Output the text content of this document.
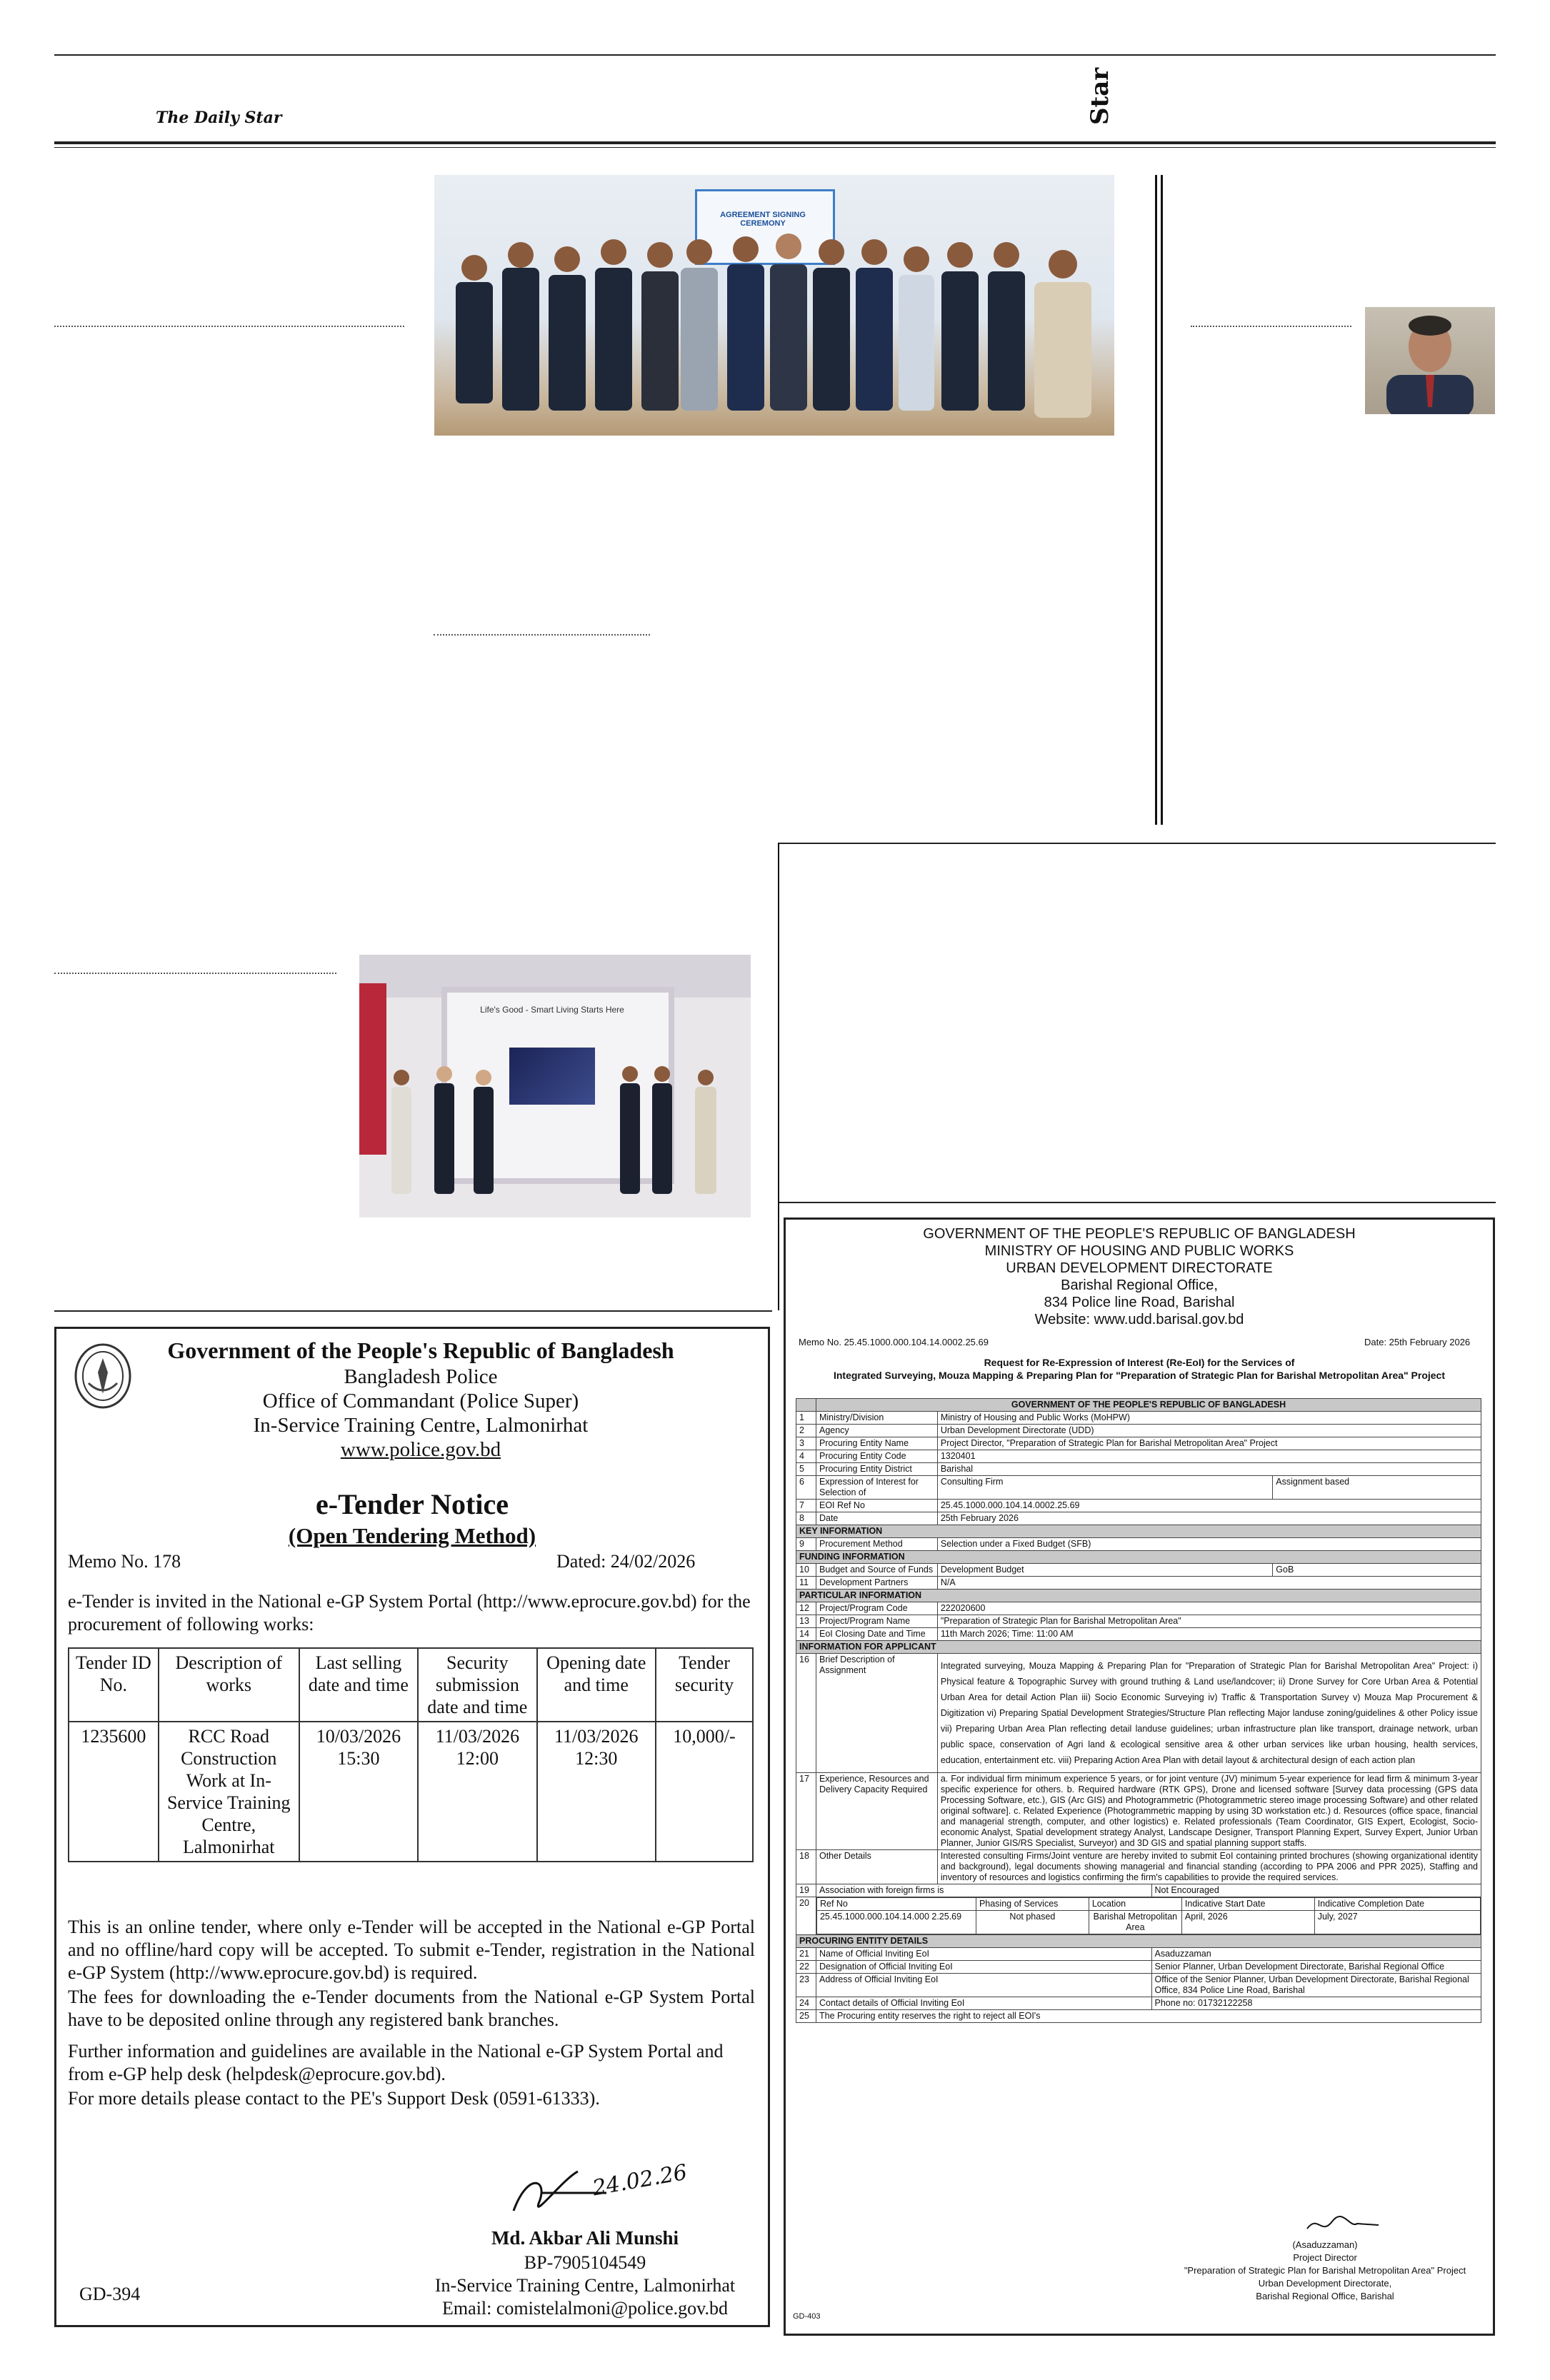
The Daily Star	Star
AGREEMENT SIGNING CEREMONY
Life's Good - Smart Living Starts Here
Government of the People's Republic of Bangladesh
Bangladesh Police
Office of Commandant (Police Super)
In-Service Training Centre, Lalmonirhat
www.police.gov.bd
e-Tender Notice
(Open Tendering Method)
Memo No. 178	Dated: 24/02/2026
e-Tender is invited in the National e-GP System Portal (http://www.eprocure.gov.bd) for the procurement of following works:
Tender ID No.	Description of works	Last selling date and time	Security submission date and time	Opening date and time	Tender security
1235600	RCC Road Construction Work at In-Service Training Centre, Lalmonirhat	10/03/2026 15:30	11/03/2026 12:00	11/03/2026 12:30	10,000/-
This is an online tender, where only e-Tender will be accepted in the National e-GP Portal and no offline/hard copy will be accepted. To submit e-Tender, registration in the National e-GP System (http://www.eprocure.gov.bd) is required.
The fees for downloading the e-Tender documents from the National e-GP System Portal have to be deposited online through any registered bank branches.
Further information and guidelines are available in the National e-GP System Portal and from e-GP help desk (helpdesk@eprocure.gov.bd).
For more details please contact to the PE's Support Desk (0591-61333).
24.02.26
Md. Akbar Ali Munshi
BP-7905104549
In-Service Training Centre, Lalmonirhat
Email: comistelalmoni@police.gov.bd
GD-394
GOVERNMENT OF THE PEOPLE'S REPUBLIC OF BANGLADESH
MINISTRY OF HOUSING AND PUBLIC WORKS
URBAN DEVELOPMENT DIRECTORATE
Barishal Regional Office,
834 Police line Road, Barishal
Website: www.udd.barisal.gov.bd
Memo No. 25.45.1000.000.104.14.0002.25.69	Date: 25th February 2026
Request for Re-Expression of Interest (Re-EoI) for the Services of
Integrated Surveying, Mouza Mapping & Preparing Plan for "Preparation of Strategic Plan for Barishal Metropolitan Area" Project
	GOVERNMENT OF THE PEOPLE'S REPUBLIC OF BANGLADESH
1	Ministry/Division	Ministry of Housing and Public Works (MoHPW)
2	Agency	Urban Development Directorate (UDD)
3	Procuring Entity Name	Project Director, "Preparation of Strategic Plan for Barishal Metropolitan Area" Project
4	Procuring Entity Code	1320401
5	Procuring Entity District	Barishal
6	Expression of Interest for Selection of	Consulting Firm	Assignment based
7	EOI Ref No	25.45.1000.000.104.14.0002.25.69
8	Date	25th February 2026
KEY INFORMATION
9	Procurement Method	Selection under a Fixed Budget (SFB)
FUNDING INFORMATION
10	Budget and Source of Funds	Development Budget	GoB
11	Development Partners	N/A
PARTICULAR INFORMATION
12	Project/Program Code	222020600
13	Project/Program Name	"Preparation of Strategic Plan for Barishal Metropolitan Area"
14	EoI Closing Date and Time	11th March 2026; Time: 11:00 AM
INFORMATION FOR APPLICANT
16	Brief Description of Assignment	Integrated surveying, Mouza Mapping & Preparing Plan for "Preparation of Strategic Plan for Barishal Metropolitan Area" Project: i) Physical feature & Topographic Survey with ground truthing & Land use/landcover; ii) Drone Survey for Core Urban Area & Potential Urban Area for detail Action Plan iii) Socio Economic Surveying iv) Traffic & Transportation Survey v) Mouza Map Procurement & Digitization vi) Preparing Spatial Development Strategies/Structure Plan reflecting Major landuse zoning/guidelines & other Policy issue vii) Preparing Urban Area Plan reflecting detail landuse guidelines; urban infrastructure plan like transport, drainage network, urban public space, conservation of Agri land & ecological sensitive area & other urban services like urban housing, health services, education, entertainment etc. viii) Preparing Action Area Plan with detail layout & architectural design of each action plan
17	Experience, Resources and Delivery Capacity Required	a. For individual firm minimum experience 5 years, or for joint venture (JV) minimum 5-year experience for lead firm & minimum 3-year specific experience for others. b. Required hardware (RTK GPS), Drone and licensed software [Survey data processing (GPS data Processing Software, etc.), GIS (Arc GIS) and Photogrammetric (Photogrammetric stereo image processing Software) and other related original software]. c. Related Experience (Photogrammetric mapping by using 3D workstation etc.) d. Resources (office space, financial and managerial strength, computer, and other logistics) e. Related professionals (Team Coordinator, GIS Expert, Ecologist, Socio-economic Analyst, Spatial development strategy Analyst, Landscape Designer, Transport Planning Expert, Survey Expert, Junior Urban Planner, Junior GIS/RS Specialist, Surveyor) and 3D GIS and spatial planning support staffs.
18	Other Details	Interested consulting Firms/Joint venture are hereby invited to submit EoI containing printed brochures (showing organizational identity and background), legal documents showing managerial and financial standing (according to PPA 2006 and PPR 2025), Staffing and inventory of resources and logistics confirming the firm's capabilities to provide the required services.
19	Association with foreign firms is	Not Encouraged
20	Ref No	Phasing of Services	Location	Indicative Start Date	Indicative Completion Date
25.45.1000.000.104.14.000 2.25.69	Not phased	Barishal Metropolitan Area	April, 2026	July, 2027

PROCURING ENTITY DETAILS
21	Name of Official Inviting EoI	Asaduzzaman
22	Designation of Official Inviting EoI	Senior Planner, Urban Development Directorate, Barishal Regional Office
23	Address of Official Inviting EoI	Office of the Senior Planner, Urban Development Directorate, Barishal Regional Office, 834 Police Line Road, Barishal
24	Contact details of Official Inviting EoI	Phone no: 01732122258
25	The Procuring entity reserves the right to reject all EOI's
(Asaduzzaman)
Project Director
"Preparation of Strategic Plan for Barishal Metropolitan Area" Project
Urban Development Directorate,
Barishal Regional Office, Barishal
GD-403
